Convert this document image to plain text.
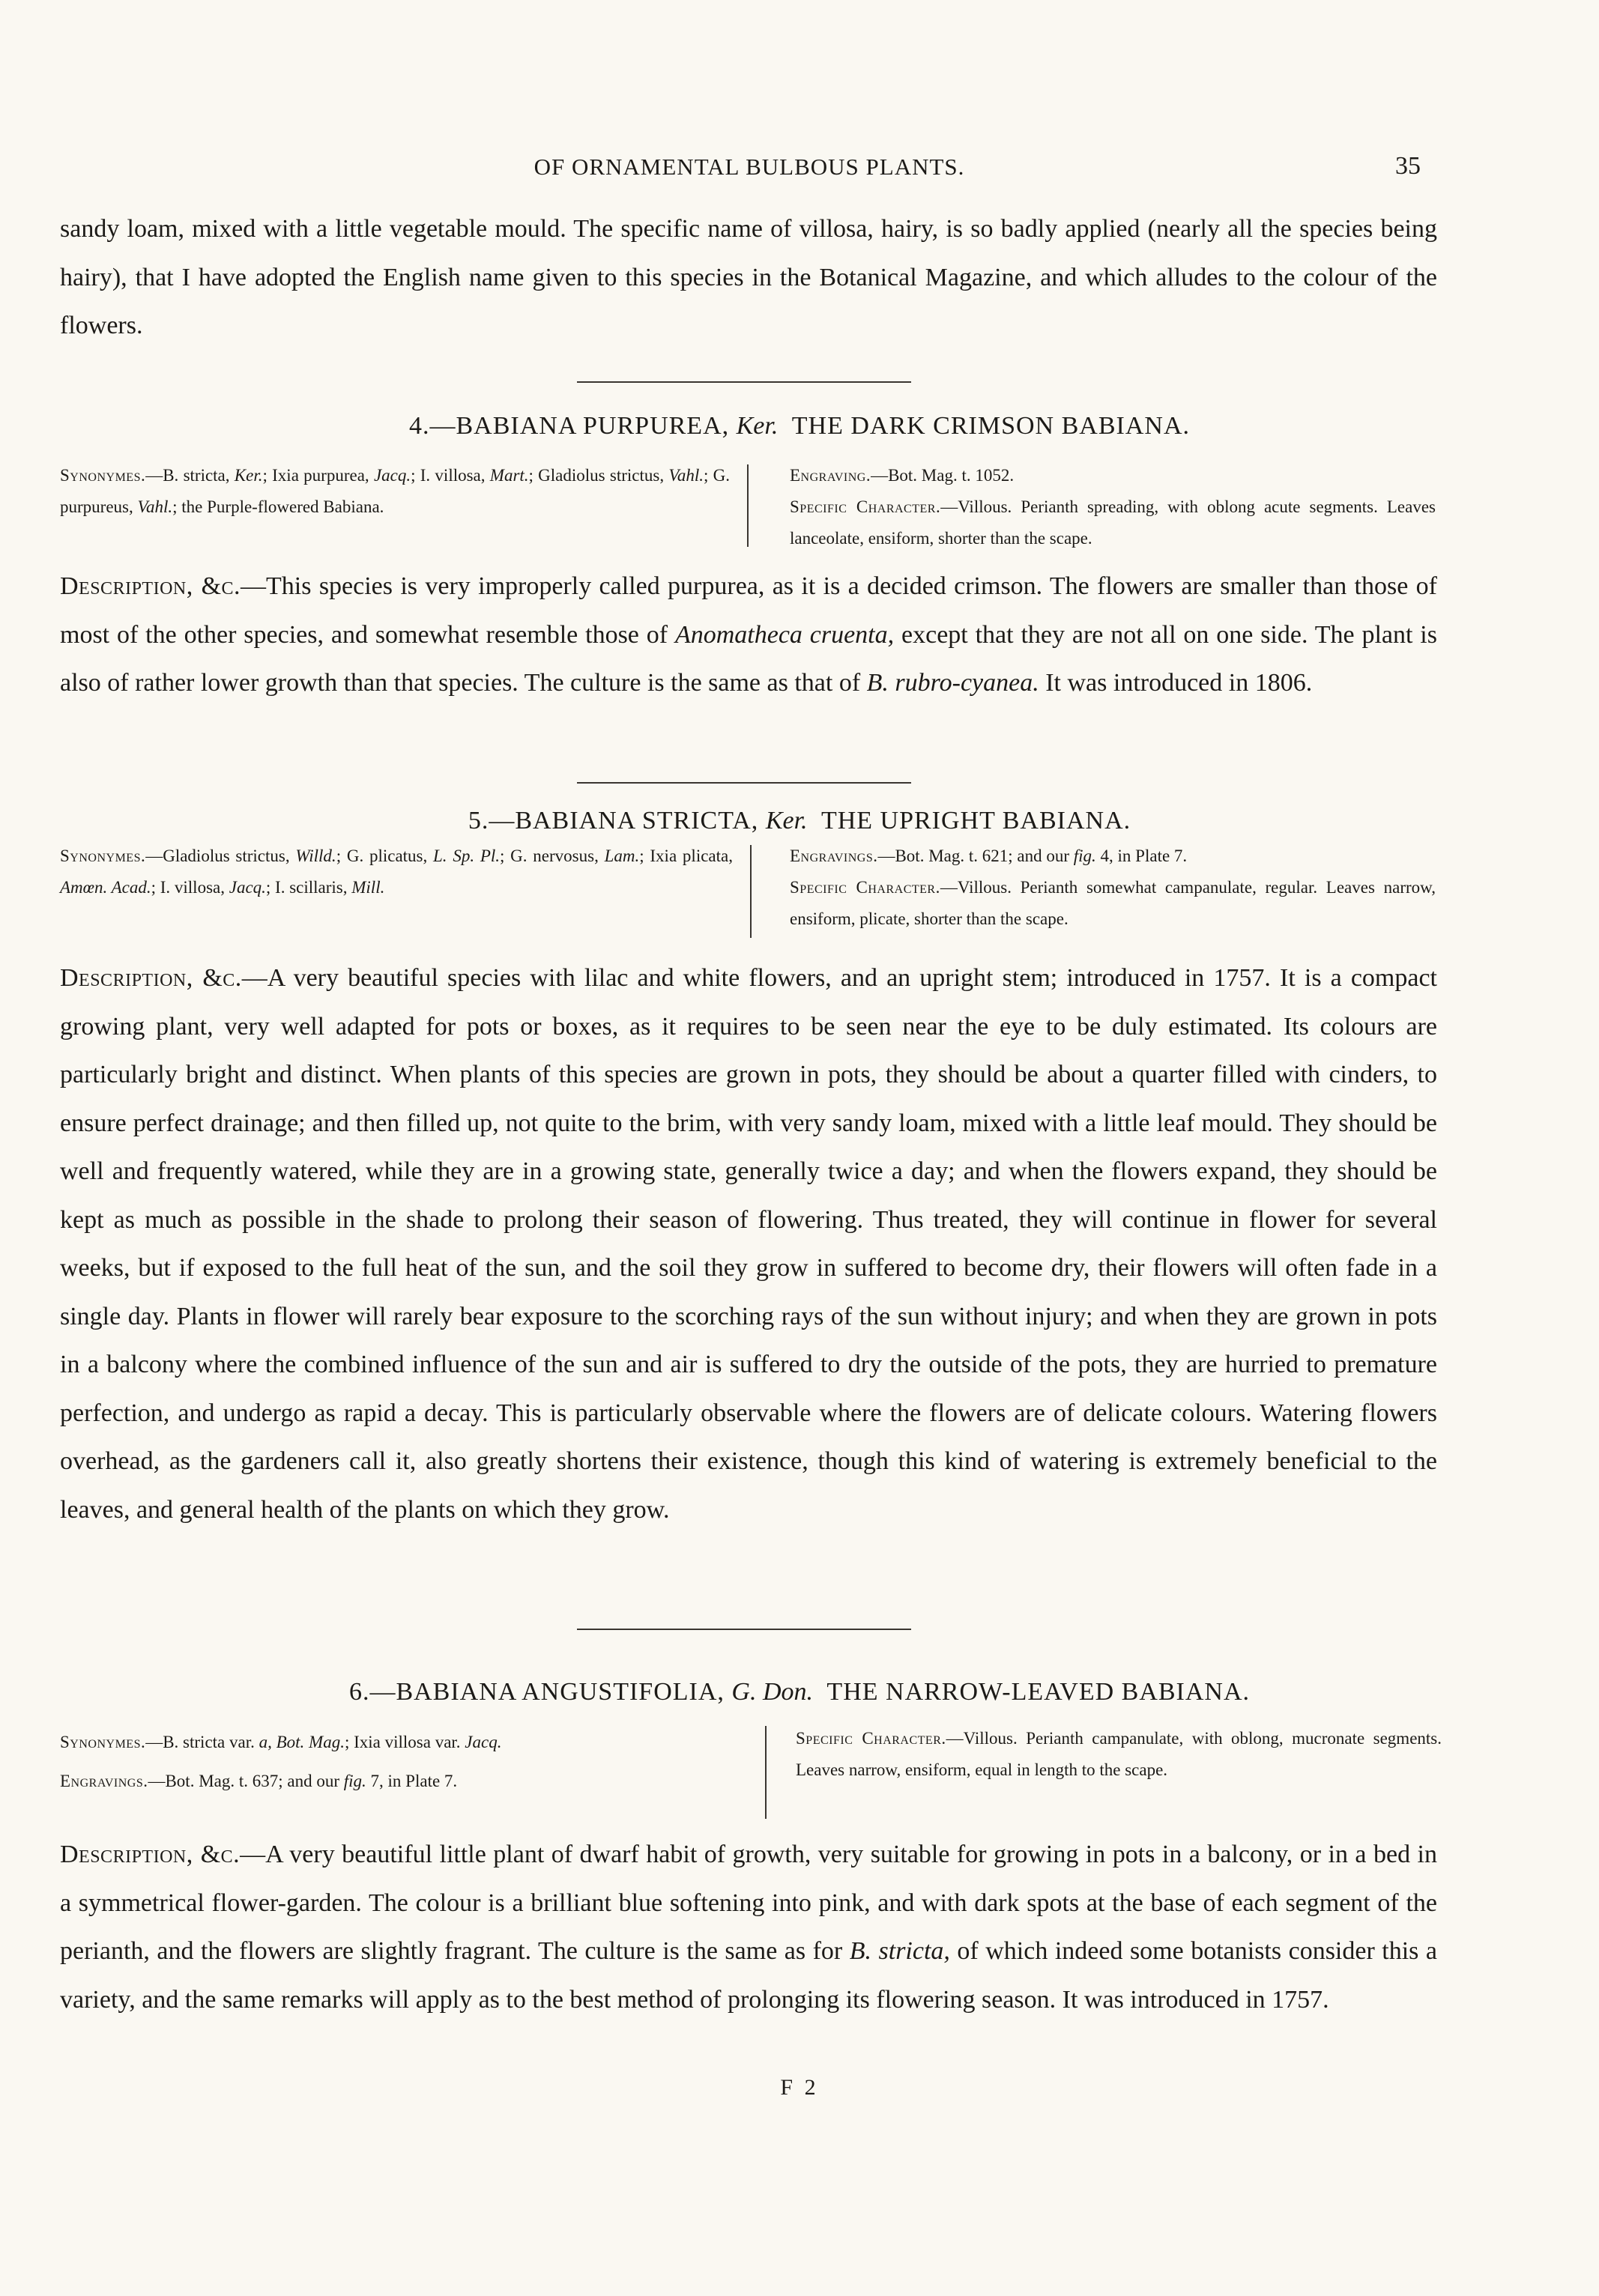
OF ORNAMENTAL BULBOUS PLANTS.	35

sandy loam, mixed with a little vegetable mould. The specific name of villosa, hairy, is so badly applied (nearly all the species being hairy), that I have adopted the English name given to this species in the Botanical Magazine, and which alludes to the colour of the flowers.

4.—BABIANA PURPUREA, Ker. THE DARK CRIMSON BABIANA.

Synonymes.—B. stricta, Ker.; Ixia purpurea, Jacq.; I. villosa, Mart.; Gladiolus strictus, Vahl.; G. purpureus, Vahl.; the Purple-flowered Babiana.

Engraving.—Bot. Mag. t. 1052.
Specific Character.—Villous. Perianth spreading, with oblong acute segments. Leaves lanceolate, ensiform, shorter than the scape.

Description, &c.—This species is very improperly called purpurea, as it is a decided crimson. The flowers are smaller than those of most of the other species, and somewhat resemble those of Anomatheca cruenta, except that they are not all on one side. The plant is also of rather lower growth than that species. The culture is the same as that of B. rubro-cyanea. It was introduced in 1806.

5.—BABIANA STRICTA, Ker. THE UPRIGHT BABIANA.

Synonymes.—Gladiolus strictus, Willd.; G. plicatus, L. Sp. Pl.; G. nervosus, Lam.; Ixia plicata, Amœn. Acad.; I. villosa, Jacq.; I. scillaris, Mill.

Engravings.—Bot. Mag. t. 621; and our fig. 4, in Plate 7.
Specific Character.—Villous. Perianth somewhat campanulate, regular. Leaves narrow, ensiform, plicate, shorter than the scape.

Description, &c.—A very beautiful species with lilac and white flowers, and an upright stem; introduced in 1757. It is a compact growing plant, very well adapted for pots or boxes, as it requires to be seen near the eye to be duly estimated. Its colours are particularly bright and distinct. When plants of this species are grown in pots, they should be about a quarter filled with cinders, to ensure perfect drainage; and then filled up, not quite to the brim, with very sandy loam, mixed with a little leaf mould. They should be well and frequently watered, while they are in a growing state, generally twice a day; and when the flowers expand, they should be kept as much as possible in the shade to prolong their season of flowering. Thus treated, they will continue in flower for several weeks, but if exposed to the full heat of the sun, and the soil they grow in suffered to become dry, their flowers will often fade in a single day. Plants in flower will rarely bear exposure to the scorching rays of the sun without injury; and when they are grown in pots in a balcony where the combined influence of the sun and air is suffered to dry the outside of the pots, they are hurried to premature perfection, and undergo as rapid a decay. This is particularly observable where the flowers are of delicate colours. Watering flowers overhead, as the gardeners call it, also greatly shortens their existence, though this kind of watering is extremely beneficial to the leaves, and general health of the plants on which they grow.

6.—BABIANA ANGUSTIFOLIA, G. Don. THE NARROW-LEAVED BABIANA.

Synonymes.—B. stricta var. a, Bot. Mag.; Ixia villosa var. Jacq.
Engravings.—Bot. Mag. t. 637; and our fig. 7, in Plate 7.

Specific Character.—Villous. Perianth campanulate, with oblong, mucronate segments. Leaves narrow, ensiform, equal in length to the scape.

Description, &c.—A very beautiful little plant of dwarf habit of growth, very suitable for growing in pots in a balcony, or in a bed in a symmetrical flower-garden. The colour is a brilliant blue softening into pink, and with dark spots at the base of each segment of the perianth, and the flowers are slightly fragrant. The culture is the same as for B. stricta, of which indeed some botanists consider this a variety, and the same remarks will apply as to the best method of prolonging its flowering season. It was introduced in 1757.

F 2
